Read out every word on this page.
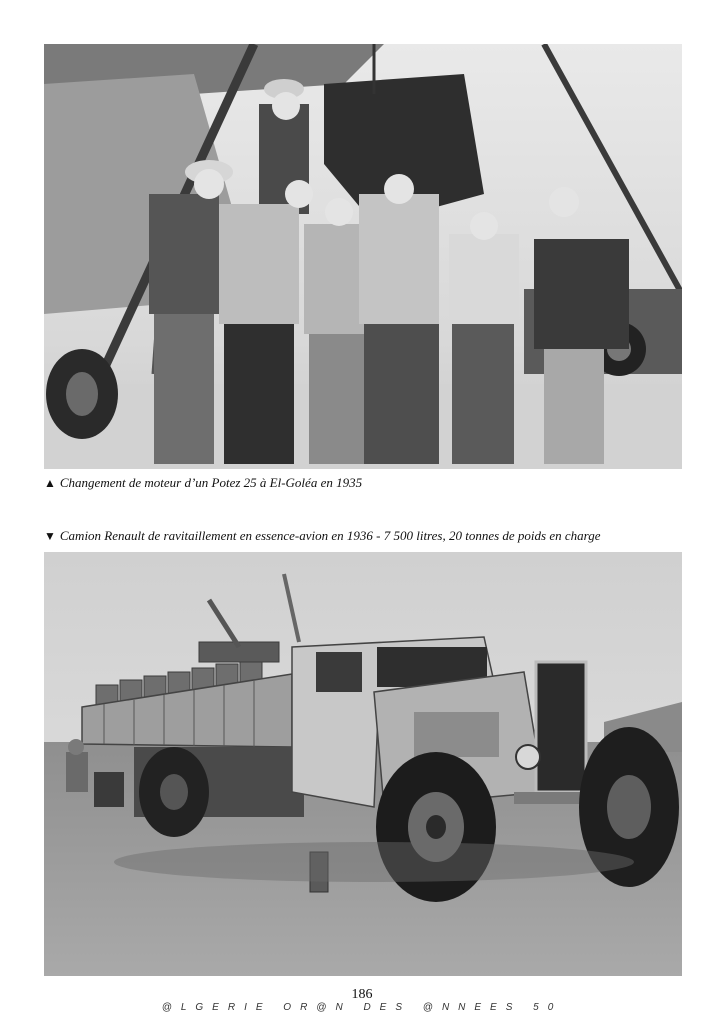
▲ Changement de moteur d’un Potez 25 à El-Goléa en 1935
▼ Camion Renault de ravitaillement en essence-avion en 1936 - 7 500 litres, 20 tonnes de poids en charge
186
@LGERIE OR@N DES @NNEES 50
